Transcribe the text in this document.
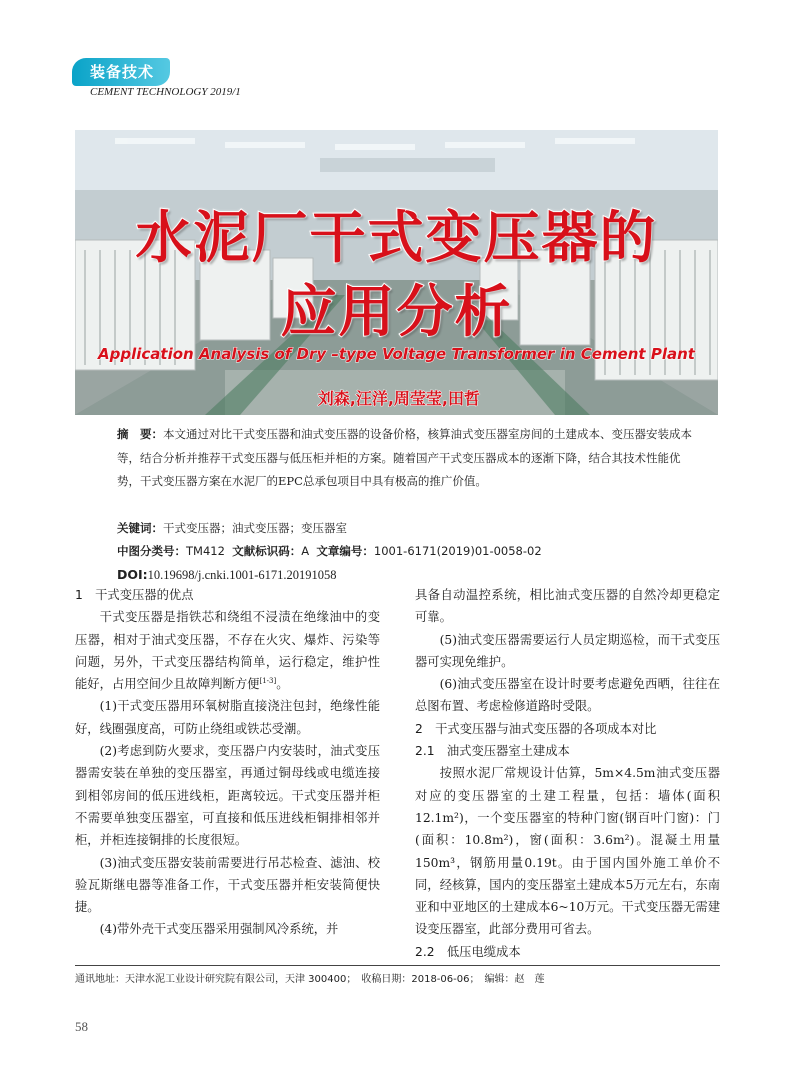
装备技术
CEMENT TECHNOLOGY 2019/1
水泥厂干式变压器的
应用分析
Application Analysis of Dry –type Voltage Transformer in Cement Plant
刘森,汪洋,周莹莹,田哲
摘　要：本文通过对比干式变压器和油式变压器的设备价格，核算油式变压器室房间的土建成本、变压器安装成本等，结合分析并推荐干式变压器与低压柜并柜的方案。随着国产干式变压器成本的逐渐下降，结合其技术性能优势，干式变压器方案在水泥厂的EPC总承包项目中具有极高的推广价值。
关键词：干式变压器；油式变压器；变压器室
中图分类号：TM412 文献标识码：A 文章编号：1001-6171(2019)01-0058-02
DOI:10.19698/j.cnki.1001-6171.20191058
1　干式变压器的优点

干式变压器是指铁芯和绕组不浸渍在绝缘油中的变压器，相对于油式变压器，不存在火灾、爆炸、污染等问题，另外，干式变压器结构简单，运行稳定，维护性能好，占用空间少且故障判断方便[1-3]。

(1)干式变压器用环氧树脂直接浇注包封，绝缘性能好，线圈强度高，可防止绕组或铁芯受潮。

(2)考虑到防火要求，变压器户内安装时，油式变压器需安装在单独的变压器室，再通过铜母线或电缆连接到相邻房间的低压进线柜，距离较远。干式变压器并柜不需要单独变压器室，可直接和低压进线柜铜排相邻并柜，并柜连接铜排的长度很短。

(3)油式变压器安装前需要进行吊芯检查、滤油、校验瓦斯继电器等准备工作，干式变压器并柜安装简便快捷。

(4)带外壳干式变压器采用强制风冷系统，并

具备自动温控系统，相比油式变压器的自然冷却更稳定可靠。

(5)油式变压器需要运行人员定期巡检，而干式变压器可实现免维护。

(6)油式变压器室在设计时要考虑避免西晒，往往在总图布置、考虑检修道路时受限。

2　干式变压器与油式变压器的各项成本对比
2.1　油式变压器室土建成本

按照水泥厂常规设计估算，5m×4.5m油式变压器对应的变压器室的土建工程量，包括：墙体(面积12.1m²)，一个变压器室的特种门窗(钢百叶门窗)：门(面积：10.8m²)，窗(面积：3.6m²)。混凝土用量150m³，钢筋用量0.19t。由于国内国外施工单价不同，经核算，国内的变压器室土建成本5万元左右，东南亚和中亚地区的土建成本6~10万元。干式变压器无需建设变压器室，此部分费用可省去。

2.2　低压电缆成本
通讯地址：天津水泥工业设计研究院有限公司，天津 300400；　收稿日期：2018-06-06；　编辑：赵　莲
58
